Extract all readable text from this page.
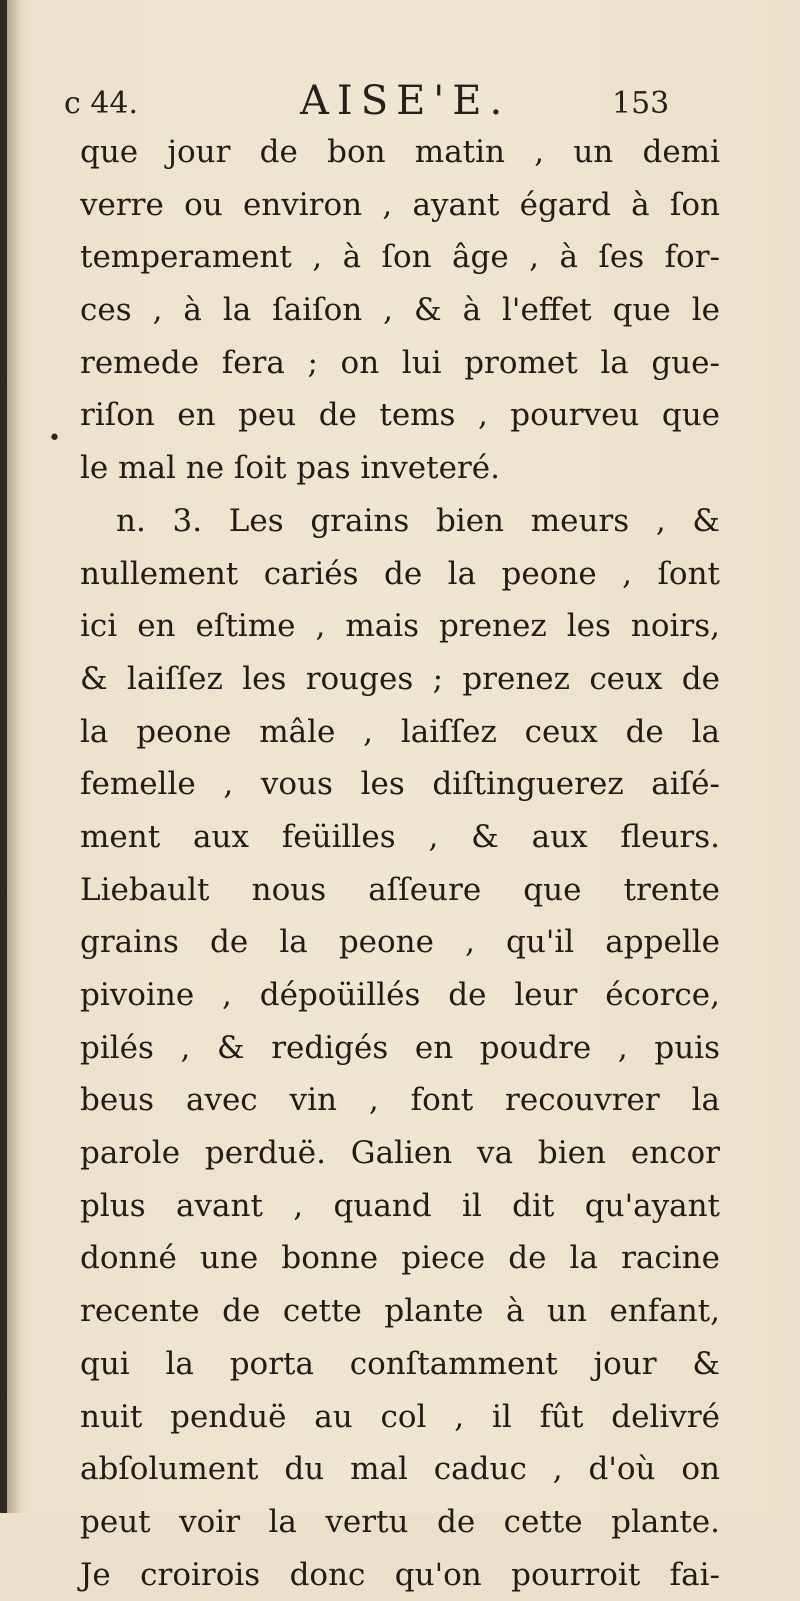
c 44.	AISE'E.	153
•
que jour de bon matin , un demi
verre ou environ , ayant égard à ſon
temperament , à ſon âge , à ſes for-
ces , à la ſaiſon , & à l'effet que le
remede fera ; on lui promet la gue-
riſon en peu de tems , pourveu que
le mal ne ſoit pas inveteré.
n. 3. Les grains bien meurs , &
nullement cariés de la peone , ſont
ici en eſtime , mais prenez les noirs,
& laiſſez les rouges ; prenez ceux de
la peone mâle , laiſſez ceux de la
femelle , vous les diſtinguerez aiſé-
ment aux feüilles , & aux fleurs.
Liebault nous aſſeure que trente
grains de la peone , qu'il appelle
pivoine , dépoüillés de leur écorce,
pilés , & redigés en poudre , puis
beus avec vin , font recouvrer la
parole perduë. Galien va bien encor
plus avant , quand il dit qu'ayant
donné une bonne piece de la racine
recente de cette plante à un enfant,
qui la porta conſtamment jour &
nuit penduë au col , il fût delivré
abſolument du mal caduc , d'où on
peut voir la vertu de cette plante.
Je croirois donc qu'on pourroit fai-
